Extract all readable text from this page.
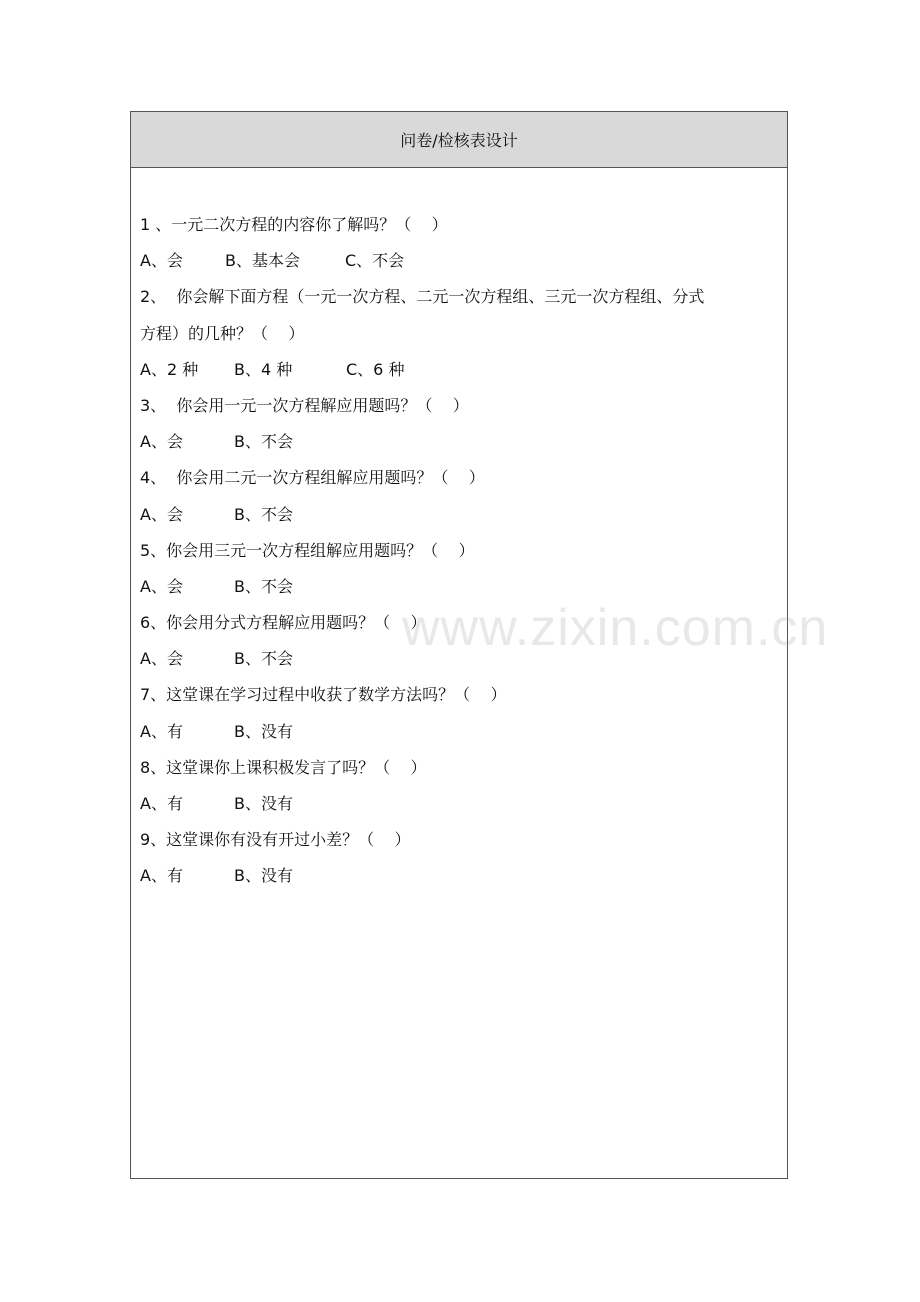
问卷/检核表设计
1 、一元二次方程的内容你了解吗？（    ）
A、会	B、基本会	C、不会
2、  你会解下面方程（一元一次方程、二元一次方程组、三元一次方程组、分式
方程）的几种？（    ）
A、2 种	B、4 种	C、6 种
3、  你会用一元一次方程解应用题吗？（    ）
A、会	B、不会
4、  你会用二元一次方程组解应用题吗？（    ）
A、会	B、不会
5、你会用三元一次方程组解应用题吗？（    ）
A、会	B、不会
6、你会用分式方程解应用题吗？（    ）
A、会	B、不会
7、这堂课在学习过程中收获了数学方法吗？（    ）
A、有	B、没有
8、这堂课你上课积极发言了吗？（    ）
A、有	B、没有
9、这堂课你有没有开过小差？（    ）
A、有	B、没有
www.zixin.com.cn
